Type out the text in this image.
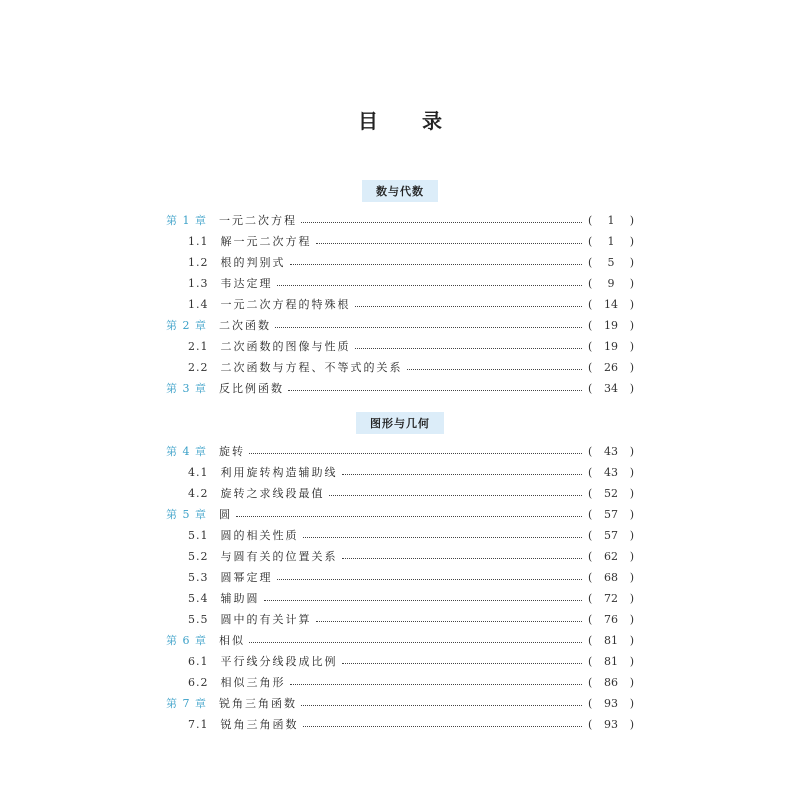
目 录
数与代数
第 1 章 一元二次方程	(	1	)
1.1 解一元二次方程	(	1	)
1.2 根的判别式	(	5	)
1.3 韦达定理	(	9	)
1.4 一元二次方程的特殊根	(	14	)
第 2 章 二次函数	(	19	)
2.1 二次函数的图像与性质	(	19	)
2.2 二次函数与方程、不等式的关系	(	26	)
第 3 章 反比例函数	(	34	)
图形与几何
第 4 章 旋转	(	43	)
4.1 利用旋转构造辅助线	(	43	)
4.2 旋转之求线段最值	(	52	)
第 5 章 圆	(	57	)
5.1 圆的相关性质	(	57	)
5.2 与圆有关的位置关系	(	62	)
5.3 圆幂定理	(	68	)
5.4 辅助圆	(	72	)
5.5 圆中的有关计算	(	76	)
第 6 章 相似	(	81	)
6.1 平行线分线段成比例	(	81	)
6.2 相似三角形	(	86	)
第 7 章 锐角三角函数	(	93	)
7.1 锐角三角函数	(	93	)
